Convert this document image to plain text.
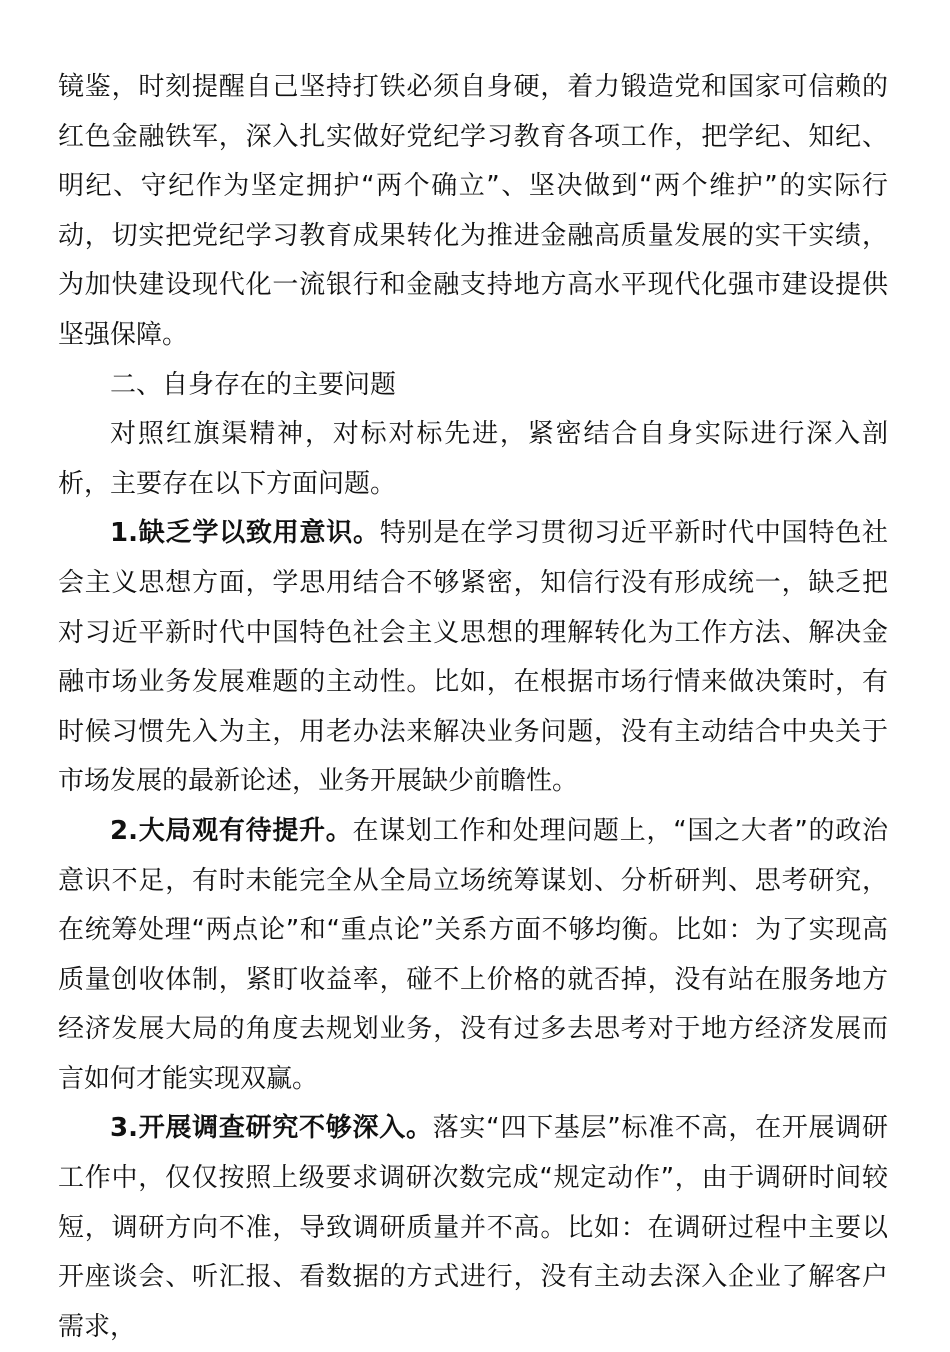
镜鉴，时刻提醒自己坚持打铁必须自身硬，着力锻造党和国家可信赖的红色金融铁军，深入扎实做好党纪学习教育各项工作，把学纪、知纪、明纪、守纪作为坚定拥护“两个确立”、坚决做到“两个维护”的实际行动，切实把党纪学习教育成果转化为推进金融高质量发展的实干实绩，为加快建设现代化一流银行和金融支持地方高水平现代化强市建设提供坚强保障。

二、自身存在的主要问题

对照红旗渠精神，对标对标先进，紧密结合自身实际进行深入剖析，主要存在以下方面问题。

1.缺乏学以致用意识。特别是在学习贯彻习近平新时代中国特色社会主义思想方面，学思用结合不够紧密，知信行没有形成统一，缺乏把对习近平新时代中国特色社会主义思想的理解转化为工作方法、解决金融市场业务发展难题的主动性。比如，在根据市场行情来做决策时，有时候习惯先入为主，用老办法来解决业务问题，没有主动结合中央关于市场发展的最新论述，业务开展缺少前瞻性。

2.大局观有待提升。在谋划工作和处理问题上，“国之大者”的政治意识不足，有时未能完全从全局立场统筹谋划、分析研判、思考研究，在统筹处理“两点论”和“重点论”关系方面不够均衡。比如：为了实现高质量创收体制，紧盯收益率，碰不上价格的就否掉，没有站在服务地方经济发展大局的角度去规划业务，没有过多去思考对于地方经济发展而言如何才能实现双赢。

3.开展调查研究不够深入。落实“四下基层”标准不高，在开展调研工作中，仅仅按照上级要求调研次数完成“规定动作”，由于调研时间较短，调研方向不准，导致调研质量并不高。比如：在调研过程中主要以开座谈会、听汇报、看数据的方式进行，没有主动去深入企业了解客户需求，
